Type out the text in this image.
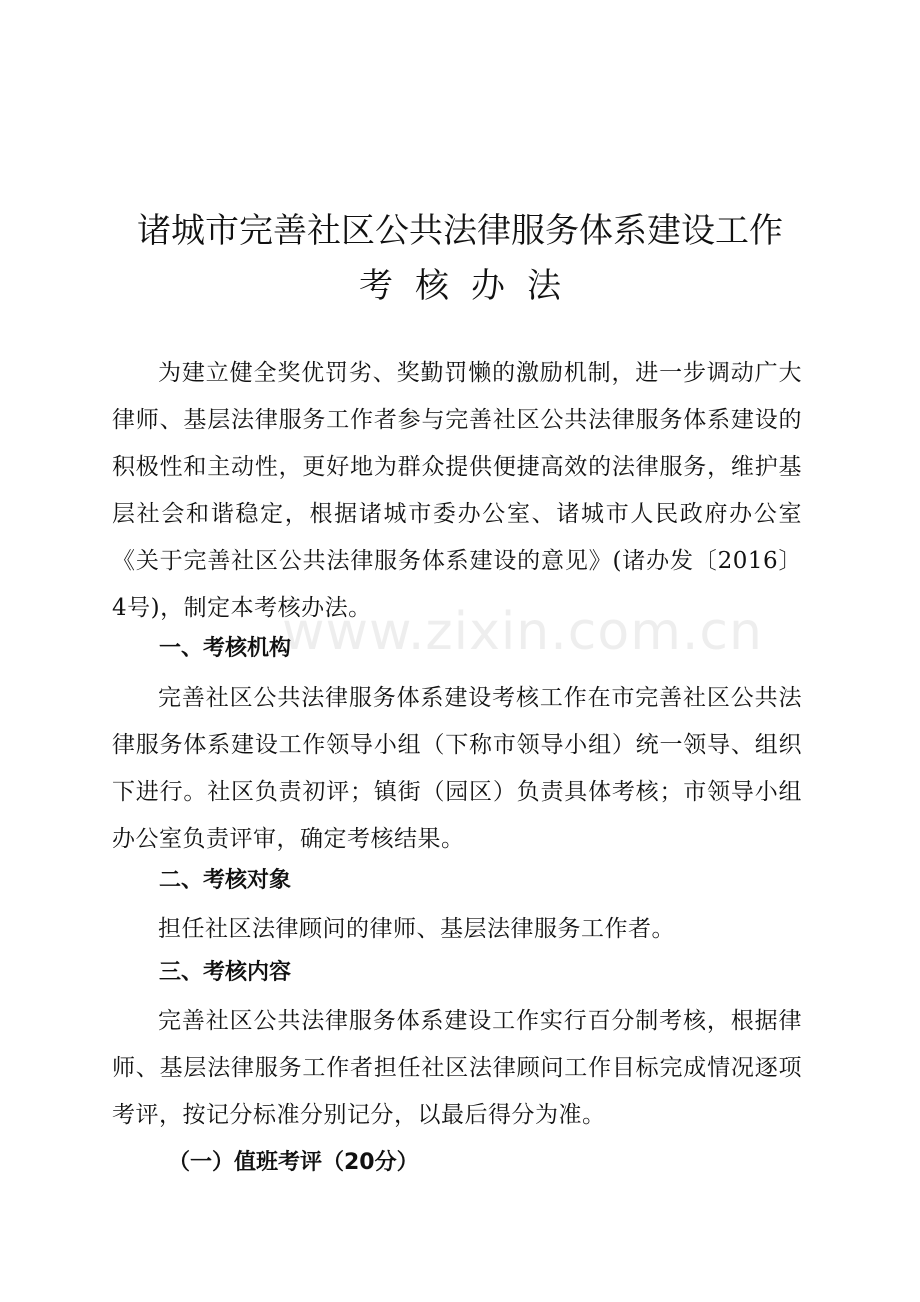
诸城市完善社区公共法律服务体系建设工作
考核办法

为建立健全奖优罚劣、奖勤罚懒的激励机制，进一步调动广大律师、基层法律服务工作者参与完善社区公共法律服务体系建设的积极性和主动性，更好地为群众提供便捷高效的法律服务，维护基层社会和谐稳定，根据诸城市委办公室、诸城市人民政府办公室《关于完善社区公共法律服务体系建设的意见》(诸办发〔2016〕4号)，制定本考核办法。

www.zixin.com.cn
一、考核机构

完善社区公共法律服务体系建设考核工作在市完善社区公共法律服务体系建设工作领导小组（下称市领导小组）统一领导、组织下进行。社区负责初评；镇街（园区）负责具体考核；市领导小组办公室负责评审，确定考核结果。

二、考核对象

担任社区法律顾问的律师、基层法律服务工作者。

三、考核内容

完善社区公共法律服务体系建设工作实行百分制考核，根据律师、基层法律服务工作者担任社区法律顾问工作目标完成情况逐项考评，按记分标准分别记分，以最后得分为准。

（一）值班考评（20分）
